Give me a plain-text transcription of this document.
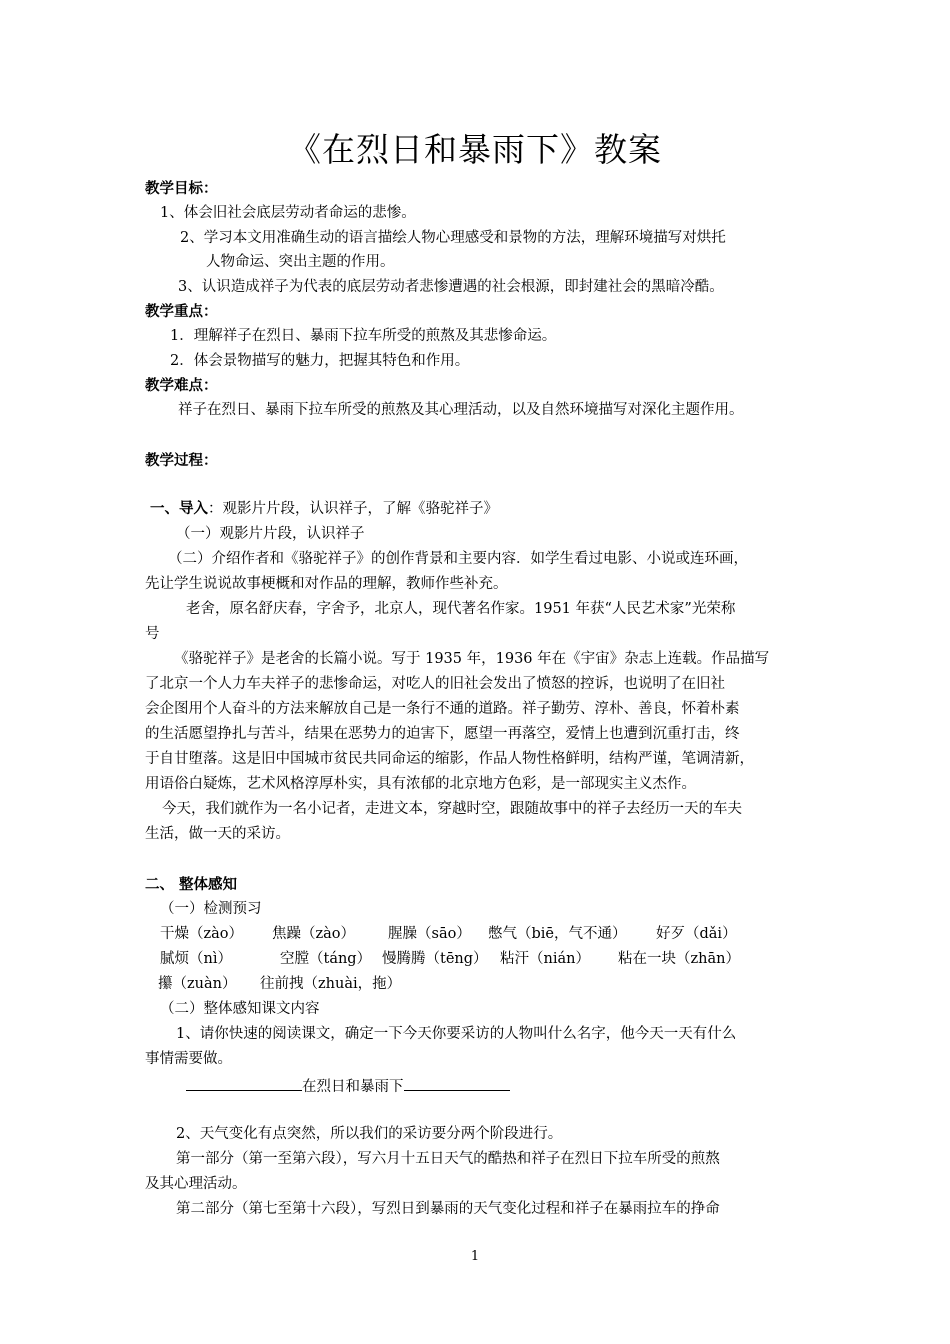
《在烈日和暴雨下》教案
教学目标：
1、体会旧社会底层劳动者命运的悲惨。
2、学习本文用准确生动的语言描绘人物心理感受和景物的方法，理解环境描写对烘托
人物命运、突出主题的作用。
3、认识造成祥子为代表的底层劳动者悲惨遭遇的社会根源，即封建社会的黑暗冷酷。
教学重点：
1．理解祥子在烈日、暴雨下拉车所受的煎熬及其悲惨命运。
2．体会景物描写的魅力，把握其特色和作用。
教学难点：
祥子在烈日、暴雨下拉车所受的煎熬及其心理活动，以及自然环境描写对深化主题作用。
教学过程：
一、导入：观影片片段，认识祥子，了解《骆驼祥子》
（一）观影片片段，认识祥子
（二）介绍作者和《骆驼祥子》的创作背景和主要内容．如学生看过电影、小说或连环画，
先让学生说说故事梗概和对作品的理解，教师作些补充。
老舍，原名舒庆春，字舍予，北京人，现代著名作家。1951 年获“人民艺术家”光荣称
号
《骆驼祥子》是老舍的长篇小说。写于 1935 年，1936 年在《宇宙》杂志上连载。作品描写
了北京一个人力车夫祥子的悲惨命运，对吃人的旧社会发出了愤怒的控诉，也说明了在旧社
会企图用个人奋斗的方法来解放自己是一条行不通的道路。祥子勤劳、淳朴、善良，怀着朴素
的生活愿望挣扎与苦斗，结果在恶势力的迫害下，愿望一再落空，爱情上也遭到沉重打击，终
于自甘堕落。这是旧中国城市贫民共同命运的缩影，作品人物性格鲜明，结构严谨，笔调清新，
用语俗白疑炼，艺术风格淳厚朴实，具有浓郁的北京地方色彩，是一部现实主义杰作。
今天，我们就作为一名小记者，走进文本，穿越时空，跟随故事中的祥子去经历一天的车夫
生活，做一天的采访。
二、 整体感知
（一）检测预习
干燥（zào） 焦躁（zào） 腥臊（sāo） 憋气（biē，气不通） 好歹（dǎi）
腻烦（nì）	空膛（táng） 慢腾腾（tēng） 粘汗（nián） 粘在一块（zhān）
攥（zuàn） 往前拽（zhuài，拖）
（二）整体感知课文内容
1、请你快速的阅读课文，确定一下今天你要采访的人物叫什么名字，他今天一天有什么
事情需要做。
在烈日和暴雨下
2、天气变化有点突然，所以我们的采访要分两个阶段进行。
第一部分（第一至第六段），写六月十五日天气的酷热和祥子在烈日下拉车所受的煎熬
及其心理活动。
第二部分（第七至第十六段），写烈日到暴雨的天气变化过程和祥子在暴雨拉车的挣命
1
